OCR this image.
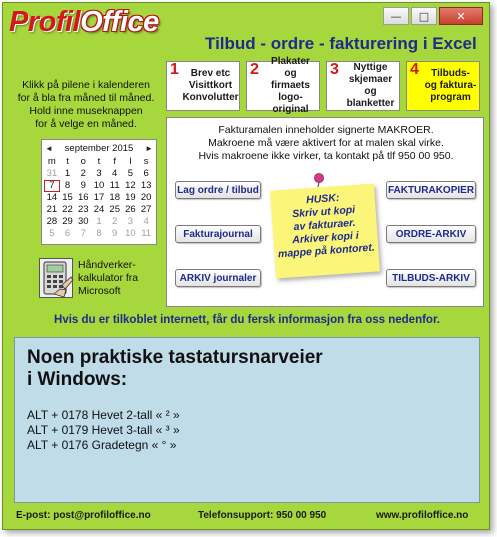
ProfilOffice	—	□	✕
Tilbud - ordre - fakturering i Excel
1	Brev etc
Visittkort
Konvolutter
2	Plakater
og firmaets
logo-original
3	Nyttige
skjemaer
og blanketter
4	Tilbuds-
og faktura-
program
Klikk på pilene i kalenderen
for å bla fra måned til måned.
Hold inne museknappen
for å velge en måned.
◄ september 2015 ►
m	t	o	t	f	l	s
31 1	2	3	4	5	6
7	8	9 10 11 12 13
14 15 16 17 18 19 20
21 22 23 24 25 26 27
28 29 30 1	2	3	4
5	6	7	8	9 10 11
Håndverker-
kalkulator fra
Microsoft
Fakturamalen inneholder signerte MAKROER.
Makroene må være aktivert for at malen skal virke.
Hvis makroene ikke virker, ta kontakt på tlf 950 00 950.
Lag ordre / tilbud
Fakturajournal
ARKIV journaler
FAKTURAKOPIER
ORDRE-ARKIV
TILBUDS-ARKIV
HUSK:
Skriv ut kopi
av fakturaer.
Arkiver kopi i
mappe på kontoret.
Hvis du er tilkoblet internett, får du fersk informasjon fra oss nedenfor.
Noen praktiske tastatursnarveier
i Windows:
ALT + 0178 Hevet 2-tall « ² »
ALT + 0179 Hevet 3-tall « ³ »
ALT + 0176 Gradetegn « ° »
E-post: post@profiloffice.no	Telefonsupport: 950 00 950	www.profiloffice.no
